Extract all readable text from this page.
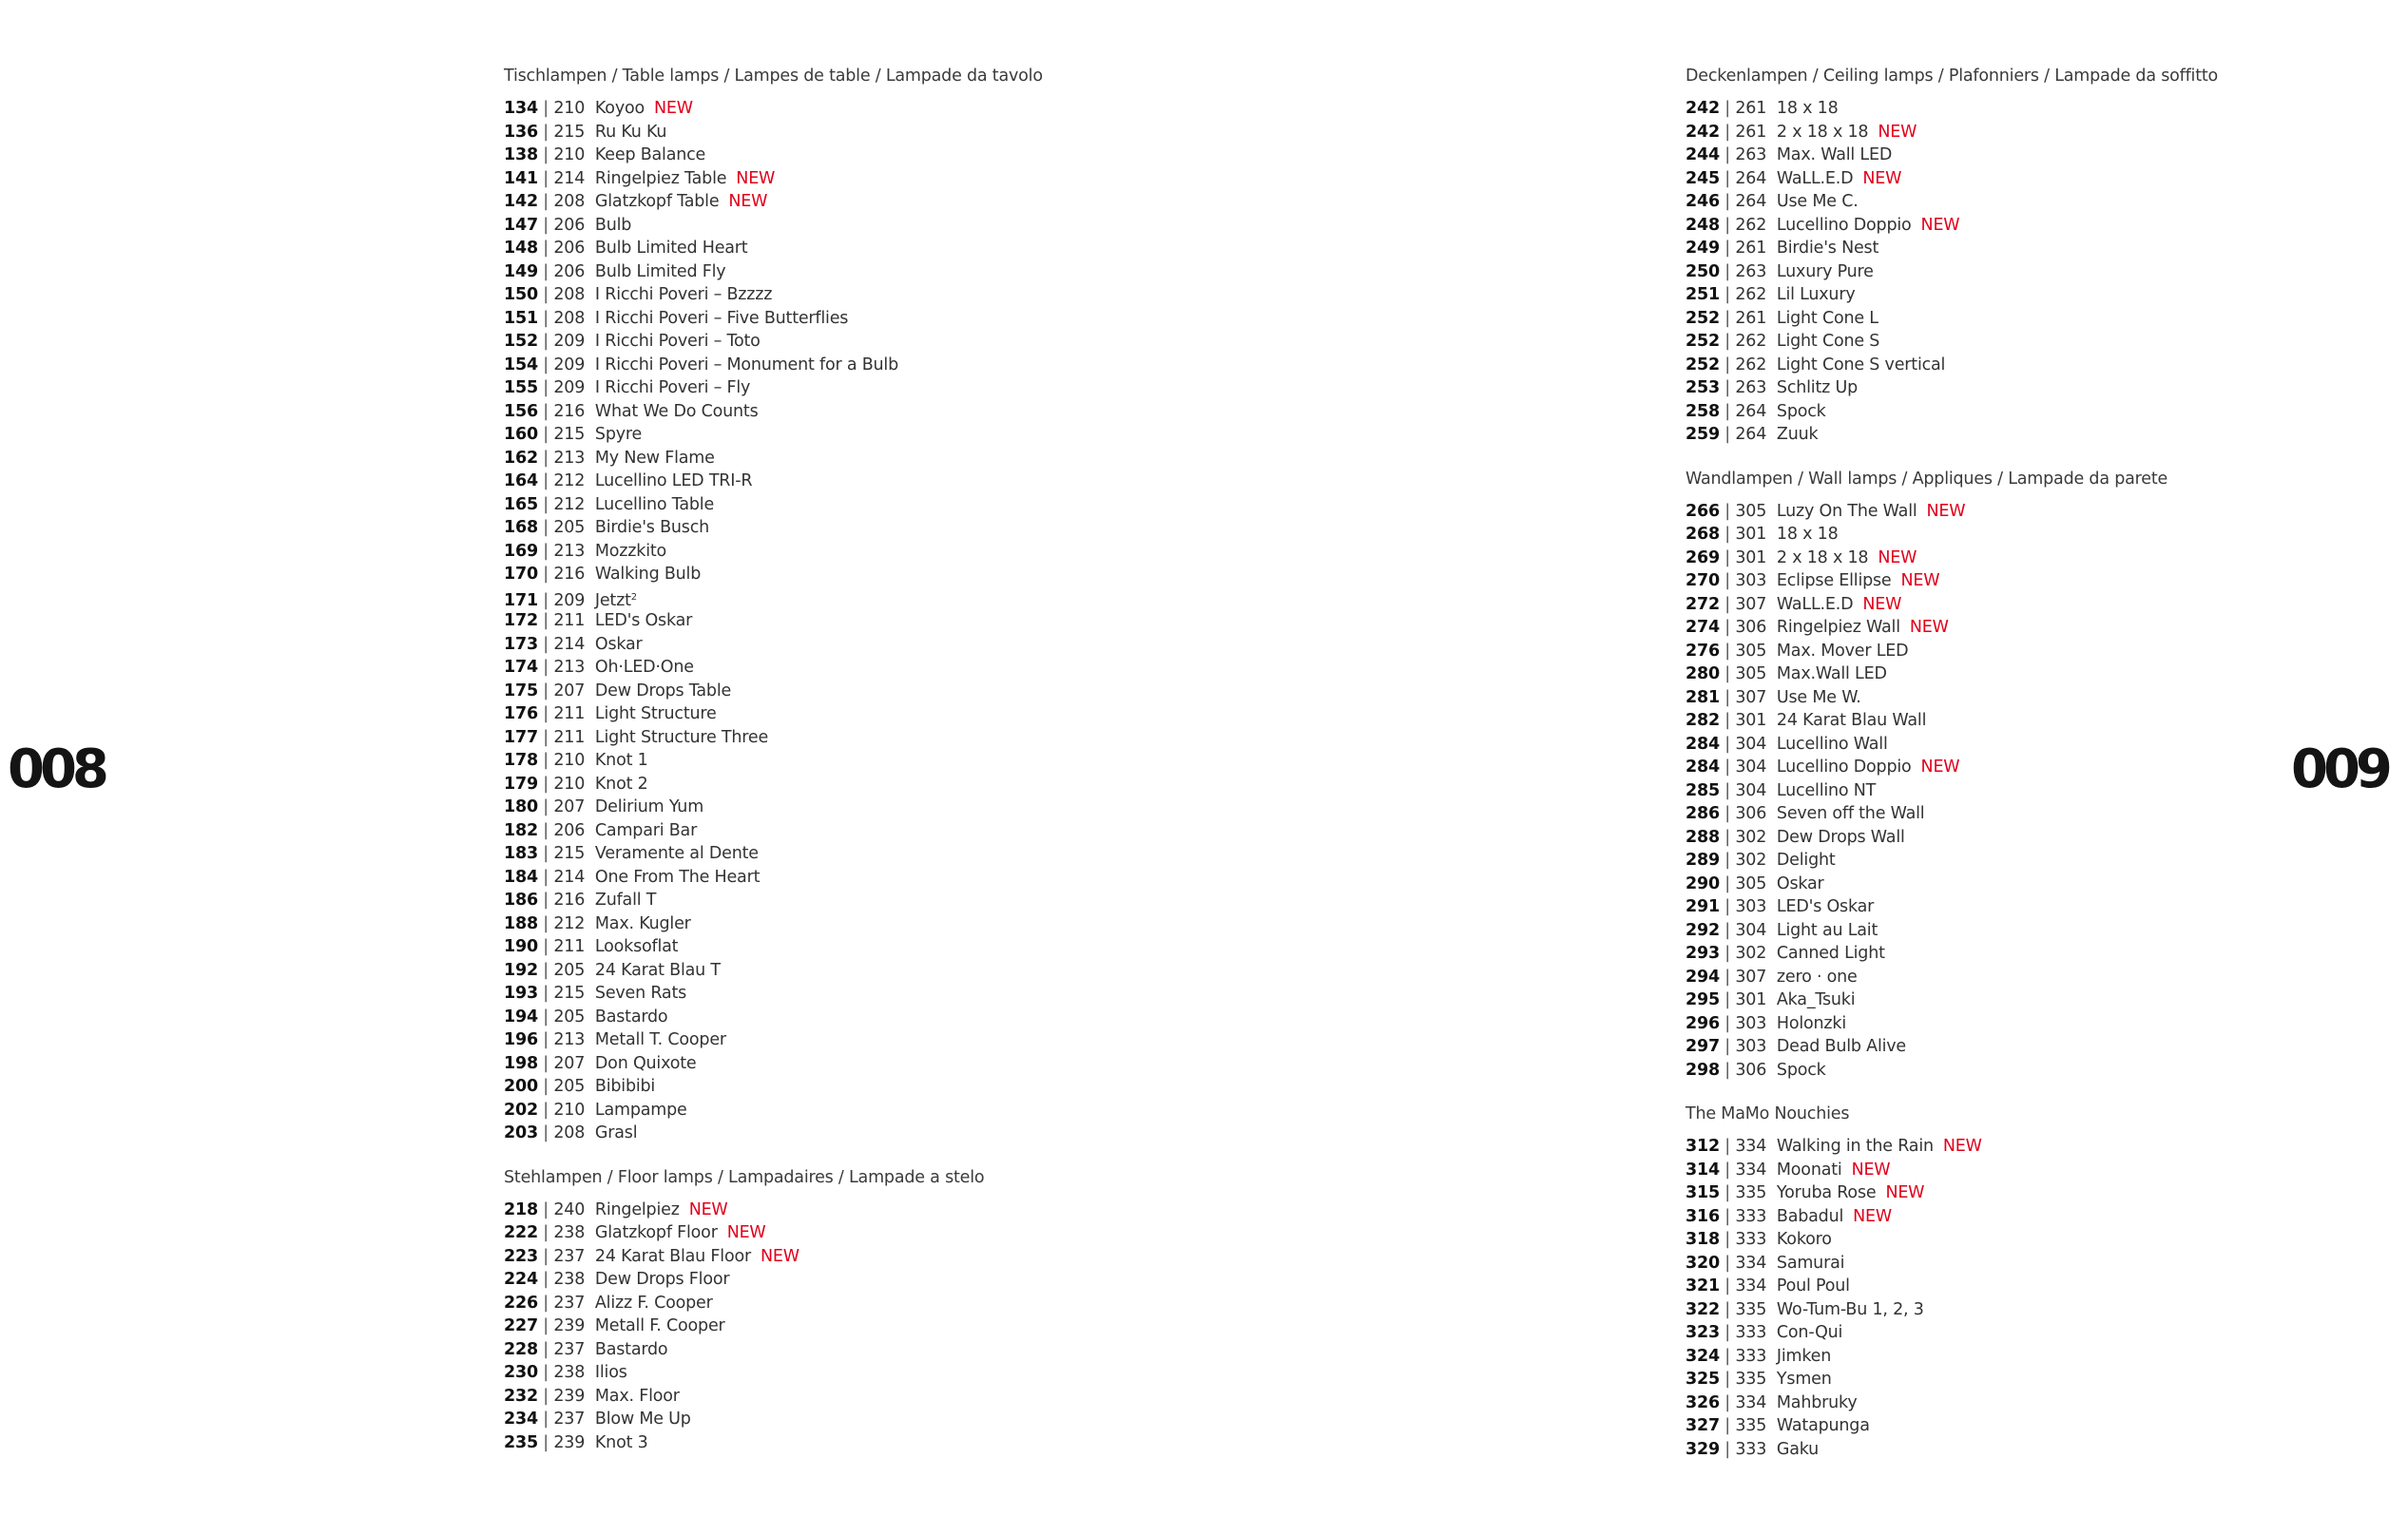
008	009
Tischlampen / Table lamps / Lampes de table / Lampade da tavolo
134 | 210 Koyoo NEW
136 | 215 Ru Ku Ku
138 | 210 Keep Balance
141 | 214 Ringelpiez Table NEW
142 | 208 Glatzkopf Table NEW
147 | 206 Bulb
148 | 206 Bulb Limited Heart
149 | 206 Bulb Limited Fly
150 | 208 I Ricchi Poveri – Bzzzz
151 | 208 I Ricchi Poveri – Five Butterflies
152 | 209 I Ricchi Poveri – Toto
154 | 209 I Ricchi Poveri – Monument for a Bulb
155 | 209 I Ricchi Poveri – Fly
156 | 216 What We Do Counts
160 | 215 Spyre
162 | 213 My New Flame
164 | 212 Lucellino LED TRI-R
165 | 212 Lucellino Table
168 | 205 Birdie's Busch
169 | 213 Mozzkito
170 | 216 Walking Bulb
171 | 209 Jetzt$^2$
172 | 211 LED's Oskar
173 | 214 Oskar
174 | 213 Oh·LED·One
175 | 207 Dew Drops Table
176 | 211 Light Structure
177 | 211 Light Structure Three
178 | 210 Knot 1
179 | 210 Knot 2
180 | 207 Delirium Yum
182 | 206 Campari Bar
183 | 215 Veramente al Dente
184 | 214 One From The Heart
186 | 216 Zufall T
188 | 212 Max. Kugler
190 | 211 Looksoflat
192 | 205 24 Karat Blau T
193 | 215 Seven Rats
194 | 205 Bastardo
196 | 213 Metall T. Cooper
198 | 207 Don Quixote
200 | 205 Bibibibi
202 | 210 Lampampe
203 | 208 Grasl
Stehlampen / Floor lamps / Lampadaires / Lampade a stelo
218 | 240 Ringelpiez NEW
222 | 238 Glatzkopf Floor NEW
223 | 237 24 Karat Blau Floor NEW
224 | 238 Dew Drops Floor
226 | 237 Alizz F. Cooper
227 | 239 Metall F. Cooper
228 | 237 Bastardo
230 | 238 Ilios
232 | 239 Max. Floor
234 | 237 Blow Me Up
235 | 239 Knot 3
Deckenlampen / Ceiling lamps / Plafonniers / Lampade da soffitto
242 | 261 18 x 18
242 | 261 2 x 18 x 18 NEW
244 | 263 Max. Wall LED
245 | 264 WaLL.E.D NEW
246 | 264 Use Me C.
248 | 262 Lucellino Doppio NEW
249 | 261 Birdie's Nest
250 | 263 Luxury Pure
251 | 262 Lil Luxury
252 | 261 Light Cone L
252 | 262 Light Cone S
252 | 262 Light Cone S vertical
253 | 263 Schlitz Up
258 | 264 Spock
259 | 264 Zuuk
Wandlampen / Wall lamps / Appliques / Lampade da parete
266 | 305 Luzy On The Wall NEW
268 | 301 18 x 18
269 | 301 2 x 18 x 18 NEW
270 | 303 Eclipse Ellipse NEW
272 | 307 WaLL.E.D NEW
274 | 306 Ringelpiez Wall NEW
276 | 305 Max. Mover LED
280 | 305 Max.Wall LED
281 | 307 Use Me W.
282 | 301 24 Karat Blau Wall
284 | 304 Lucellino Wall
284 | 304 Lucellino Doppio NEW
285 | 304 Lucellino NT
286 | 306 Seven off the Wall
288 | 302 Dew Drops Wall
289 | 302 Delight
290 | 305 Oskar
291 | 303 LED's Oskar
292 | 304 Light au Lait
293 | 302 Canned Light
294 | 307 zero · one
295 | 301 Aka_Tsuki
296 | 303 Holonzki
297 | 303 Dead Bulb Alive
298 | 306 Spock
The MaMo Nouchies
312 | 334 Walking in the Rain NEW
314 | 334 Moonati NEW
315 | 335 Yoruba Rose NEW
316 | 333 Babadul NEW
318 | 333 Kokoro
320 | 334 Samurai
321 | 334 Poul Poul
322 | 335 Wo-Tum-Bu 1, 2, 3
323 | 333 Con-Qui
324 | 333 Jimken
325 | 335 Ysmen
326 | 334 Mahbruky
327 | 335 Watapunga
329 | 333 Gaku
